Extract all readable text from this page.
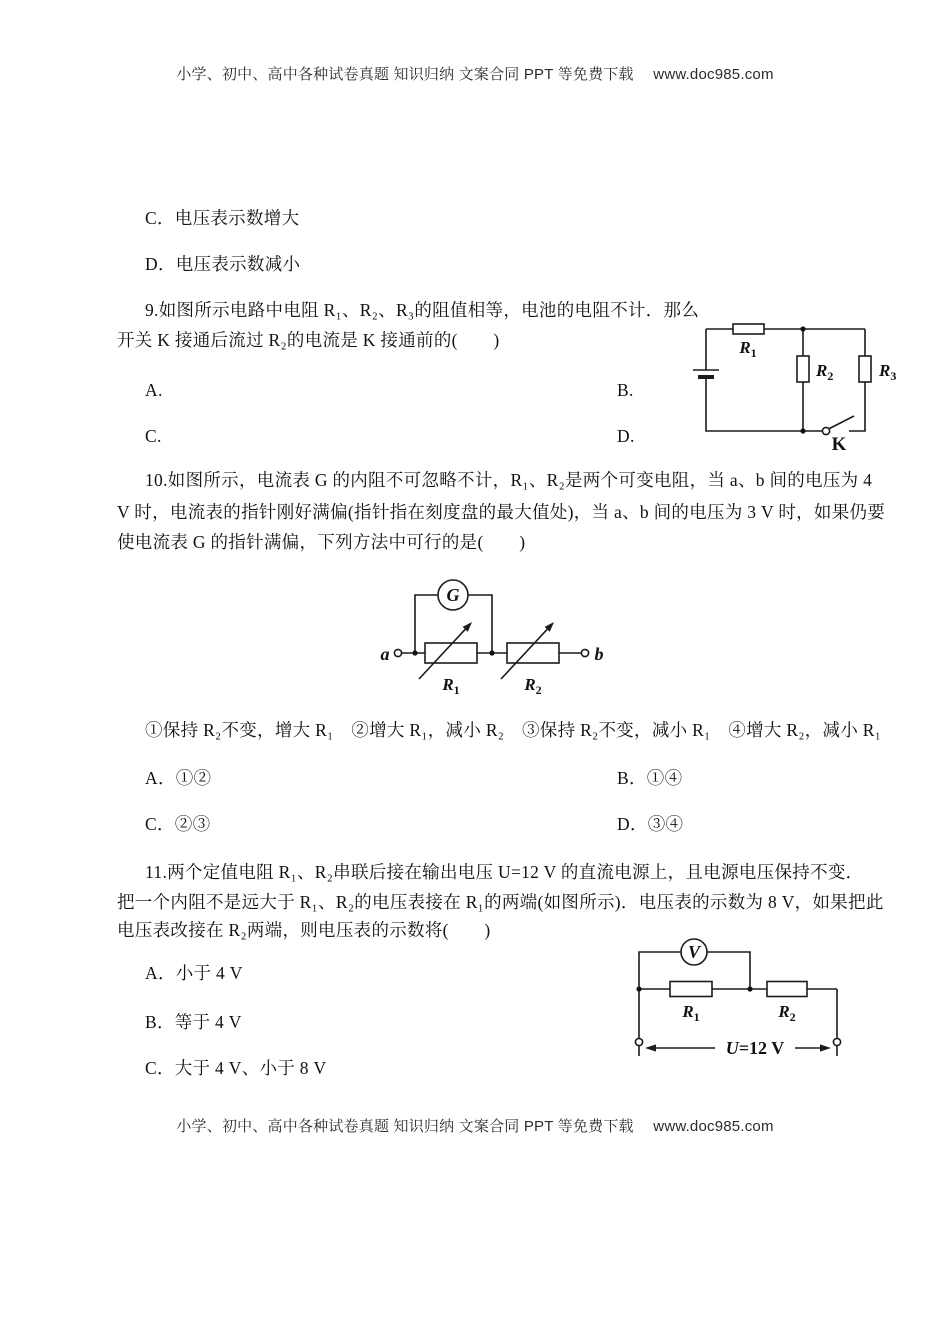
小学、初中、高中各种试卷真题 知识归纳 文案合同 PPT 等免费下载　 www.doc985.com
C．电压表示数增大
D．电压表示数减小
9.如图所示电路中电阻 R₁、R₂、R₃的阻值相等，电池的电阻不计．那么
开关 K 接通后流过 R₂的电流是 K 接通前的(　　)	$R_1$
$R_2$	$R_3$
K
A.	B.
C.	D.
10.如图所示，电流表 G 的内阻不可忽略不计，R₁、R₂是两个可变电阻，当 a、b 间的电压为 4
V 时，电流表的指针刚好满偏(指针指在刻度盘的最大值处)，当 a、b 间的电压为 3 V 时，如果仍要
使电流表 G 的指针满偏，下列方法中可行的是(　　)
G
a	b
$R_1$	$R_2$
①保持 R₂不变，增大 R₁　②增大 R₁，减小 R₂　③保持 R₂不变，减小 R₁　④增大 R₂，减小 R₁
A．①②	B．①④
C．②③	D．③④
11.两个定值电阻 R₁、R₂串联后接在输出电压 U=12 V 的直流电源上，且电源电压保持不变．
把一个内阻不是远大于 R₁、R₂的电压表接在 R₁的两端(如图所示)．电压表的示数为 8 V，如果把此
电压表改接在 R₂两端，则电压表的示数将(　　)
V
$R_1$	$R_2$
U=12 V
A．小于 4 V
B．等于 4 V
C．大于 4 V、小于 8 V
小学、初中、高中各种试卷真题 知识归纳 文案合同 PPT 等免费下载　 www.doc985.com
